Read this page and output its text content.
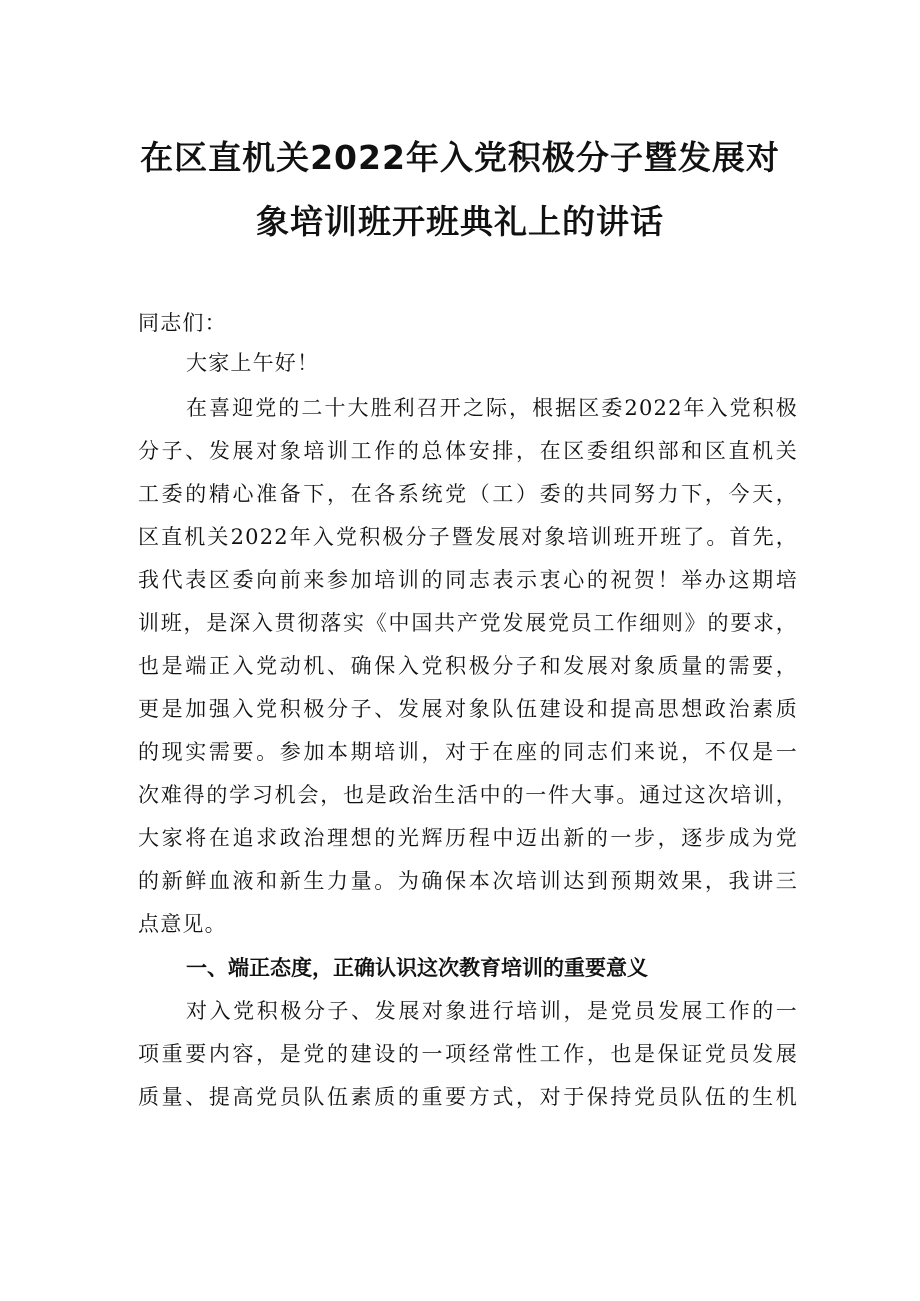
在区直机关2022年入党积极分子暨发展对
象培训班开班典礼上的讲话
同志们：
大家上午好！
在喜迎党的二十大胜利召开之际，根据区委2022年入党积极
分子、发展对象培训工作的总体安排，在区委组织部和区直机关
工委的精心准备下，在各系统党（工）委的共同努力下，今天，
区直机关2022年入党积极分子暨发展对象培训班开班了。首先，
我代表区委向前来参加培训的同志表示衷心的祝贺！举办这期培
训班，是深入贯彻落实《中国共产党发展党员工作细则》的要求，
也是端正入党动机、确保入党积极分子和发展对象质量的需要，
更是加强入党积极分子、发展对象队伍建设和提高思想政治素质
的现实需要。参加本期培训，对于在座的同志们来说，不仅是一
次难得的学习机会，也是政治生活中的一件大事。通过这次培训，
大家将在追求政治理想的光辉历程中迈出新的一步，逐步成为党
的新鲜血液和新生力量。为确保本次培训达到预期效果，我讲三
点意见。
一、端正态度，正确认识这次教育培训的重要意义
对入党积极分子、发展对象进行培训，是党员发展工作的一
项重要内容，是党的建设的一项经常性工作，也是保证党员发展
质量、提高党员队伍素质的重要方式，对于保持党员队伍的生机
